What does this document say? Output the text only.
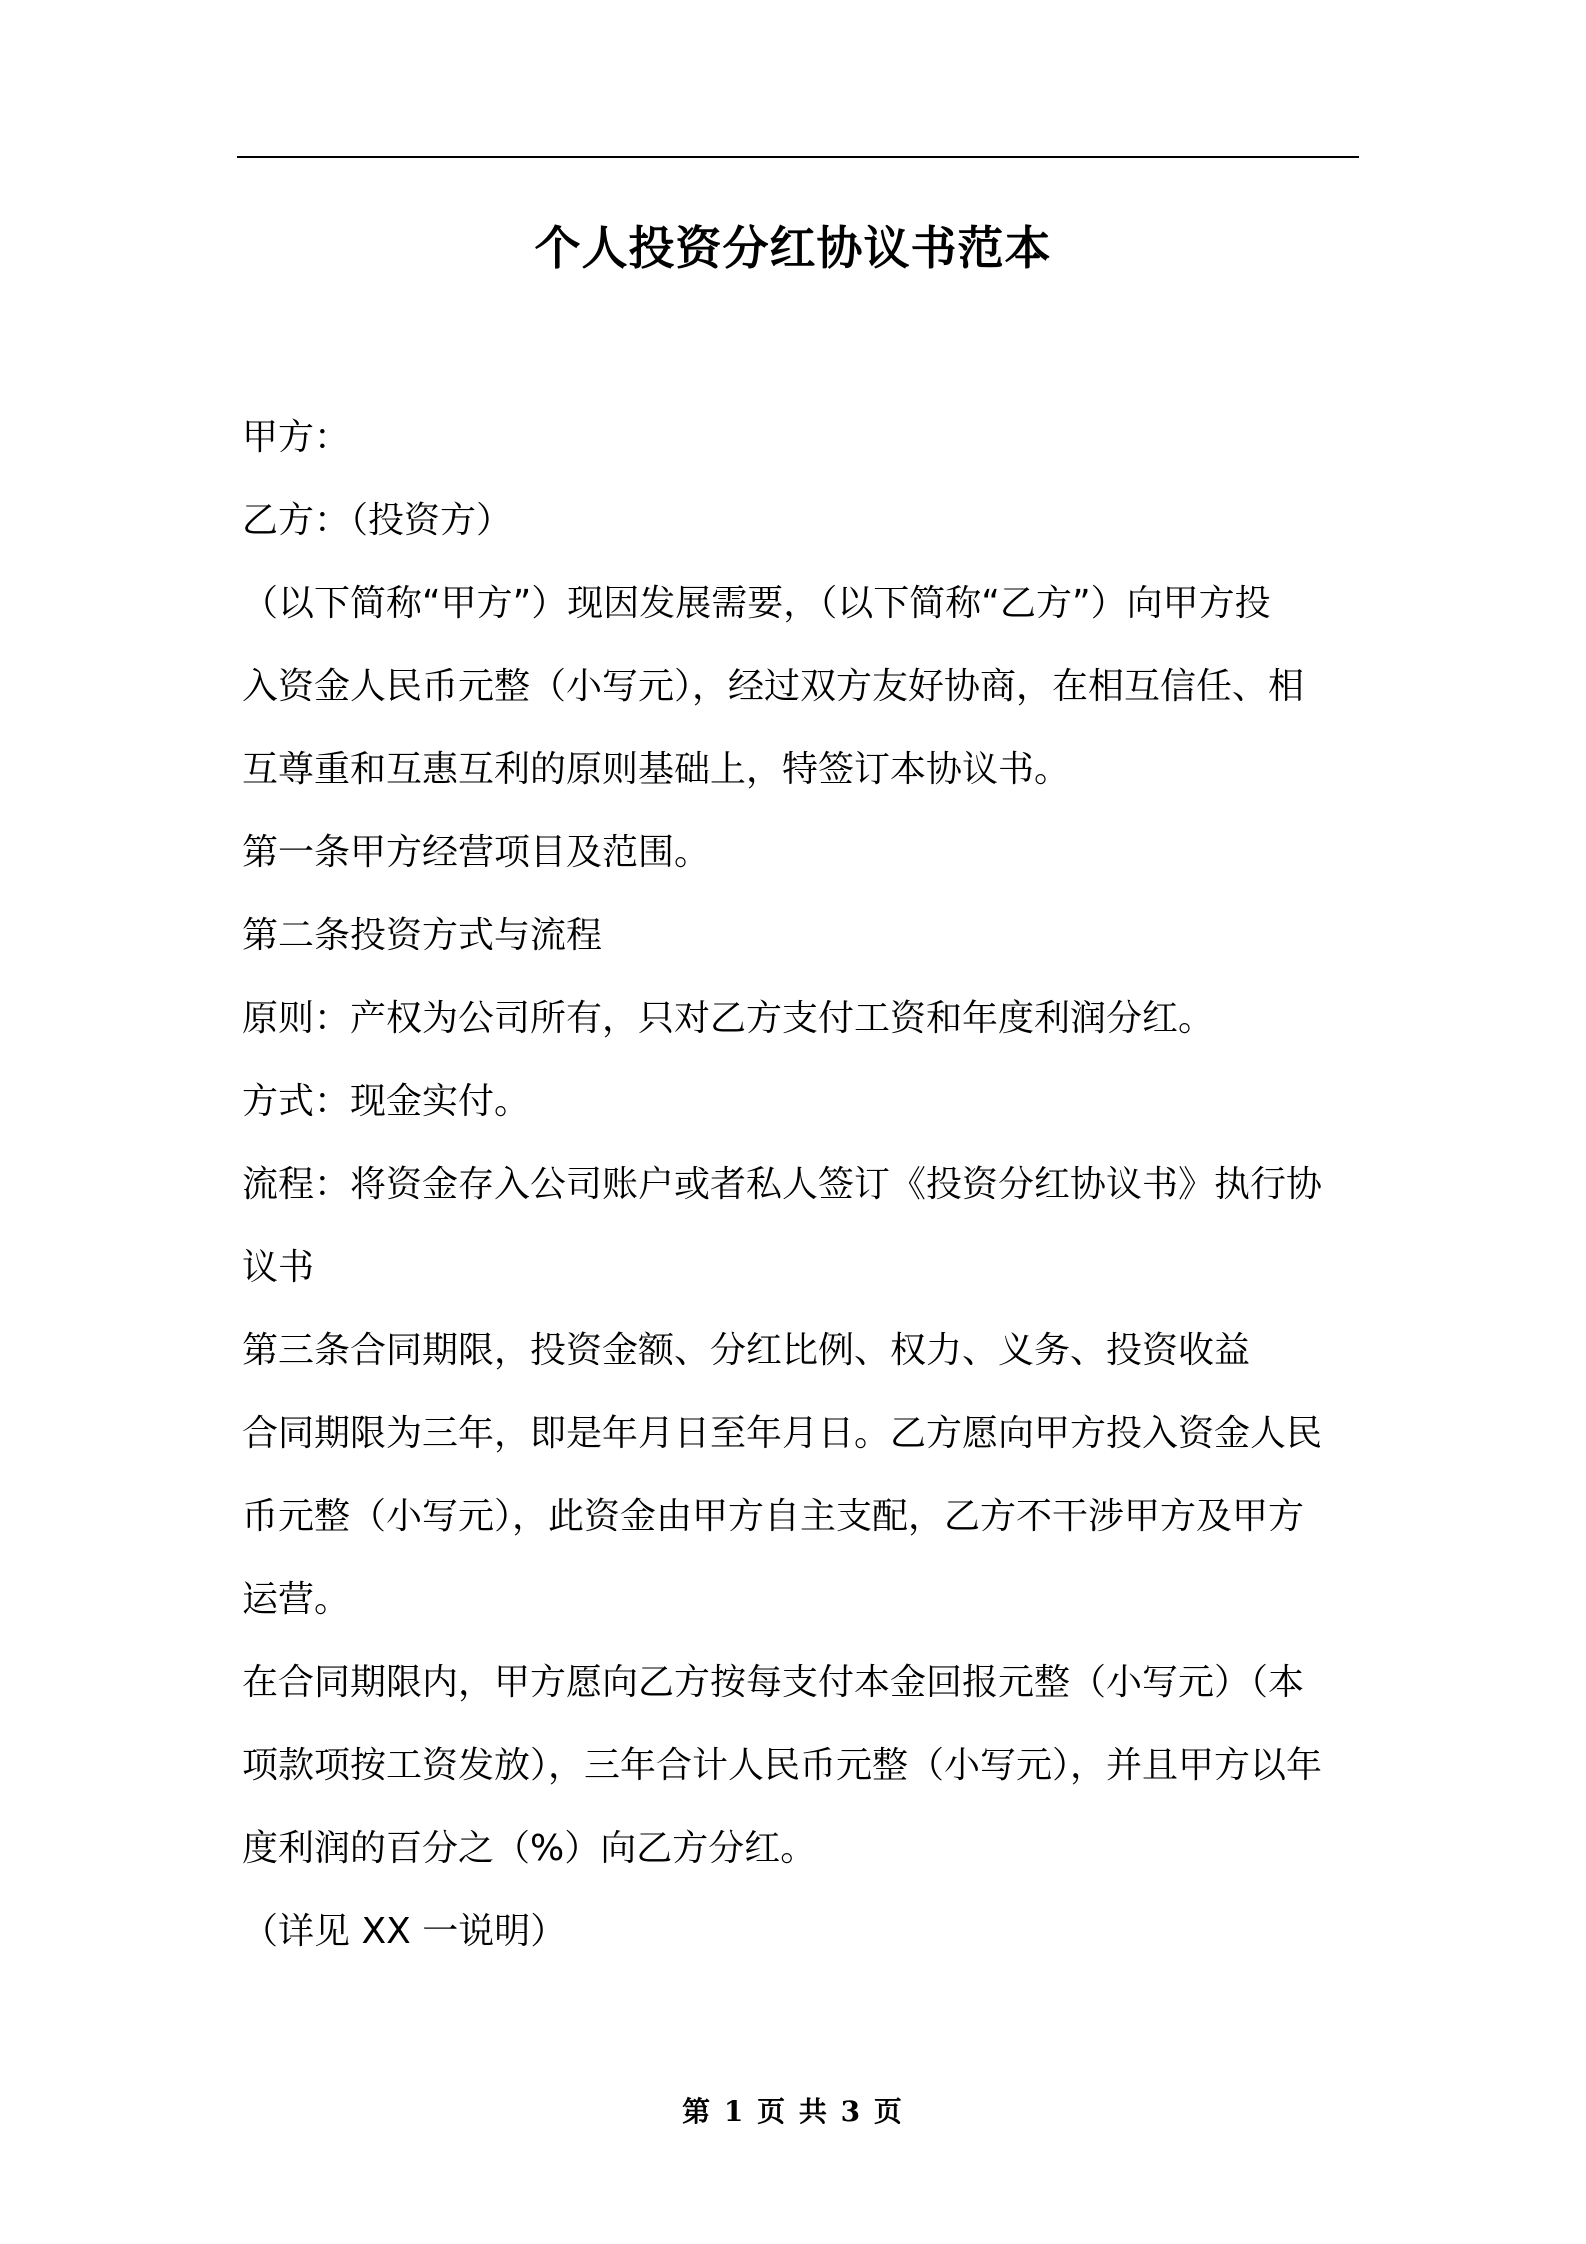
个人投资分红协议书范本
甲方：
乙方：（投资方）
（以下简称“甲方”）现因发展需要，（以下简称“乙方”）向甲方投
入资金人民币元整（小写元），经过双方友好协商，在相互信任、相
互尊重和互惠互利的原则基础上，特签订本协议书。
第一条甲方经营项目及范围。
第二条投资方式与流程
原则：产权为公司所有，只对乙方支付工资和年度利润分红。
方式：现金实付。
流程：将资金存入公司账户或者私人签订《投资分红协议书》执行协
议书
第三条合同期限，投资金额、分红比例、权力、义务、投资收益
合同期限为三年，即是年月日至年月日。乙方愿向甲方投入资金人民
币元整（小写元），此资金由甲方自主支配，乙方不干涉甲方及甲方
运营。
在合同期限内，甲方愿向乙方按每支付本金回报元整（小写元）（本
项款项按工资发放），三年合计人民币元整（小写元），并且甲方以年
度利润的百分之（%）向乙方分红。
（详见 XX 一说明）
第 1 页 共 3 页
